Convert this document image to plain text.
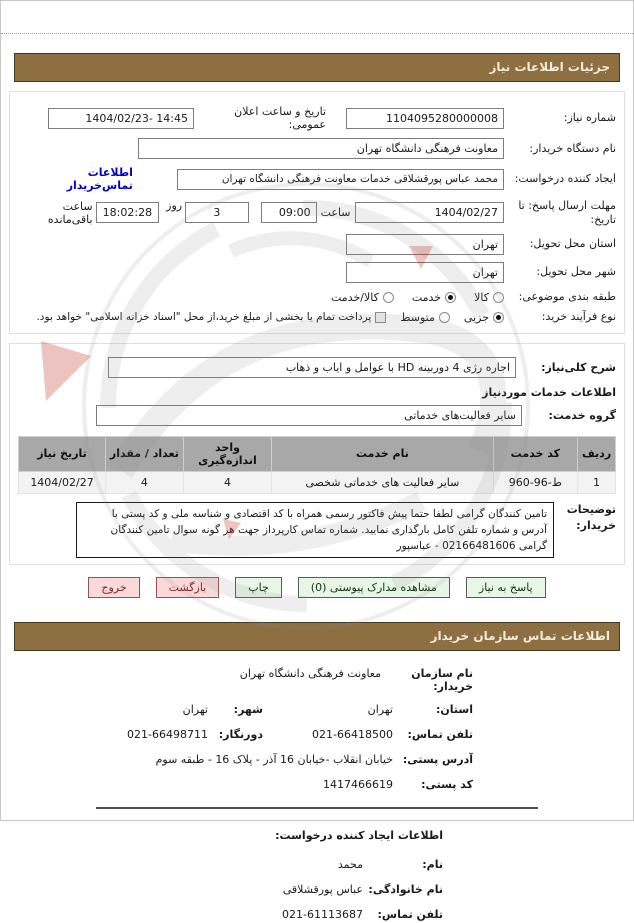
جزئیات اطلاعات نیاز
شماره نیاز:
1104095280000008
تاریخ و ساعت اعلان عمومی:
1404/02/23- 14:45
نام دستگاه خریدار:
معاونت فرهنگی دانشگاه تهران
ایجاد کننده درخواست:
محمد عباس پورقشلاقی خدمات معاونت فرهنگی دانشگاه تهران
اطلاعات تماس‌خریدار
مهلت ارسال پاسخ: تا تاریخ:
1404/02/27
ساعت
09:00
3
روز
18:02:28
ساعت باقی‌مانده
استان محل تحویل:
تهران
شهر محل تحویل:
تهران
طبقه بندی موضوعی:
کالا
خدمت
کالا/خدمت
نوع فرآیند خرید:
جزیی
متوسط
پرداخت تمام یا بخشی از مبلغ خرید،از محل "اسناد خزانه اسلامی" خواهد بود.
شرح کلی‌نیاز:
اجاره رژی 4 دوربینه HD با عوامل و ایاب و ذهاب
اطلاعات خدمات موردنیاز
گروه خدمت:
سایر فعالیت‌های خدماتی
ردیف	کد خدمت	نام خدمت	واحد اندازه‌گیری	تعداد / مقدار	تاریخ نیاز
1	ط-96-960	سایر فعالیت های خدماتی شخصی	4	4	1404/02/27
توضیحات خریدار:
تامین کنندگان گرامی لطفا حتما پیش فاکتور رسمی همراه با کد اقتصادی و شناسه ملی و کد پستی با آدرس و شماره تلفن کامل بارگذاری نمایید. شماره تماس کارپرداز جهت هر گونه سوال تامین کنندگان گرامی 02166481606 - عباسپور
پاسخ به نیاز
مشاهده مدارک پیوستی (0)
چاپ
بازگشت
خروج
اطلاعات تماس سازمان خریدار
نام سازمان خریدار:
معاونت فرهنگی دانشگاه تهران
استان:
تهران
شهر:
تهران
تلفن تماس:
021-66418500
دورنگار:
021-66498711
آدرس پستی:
خیابان انقلاب -خیابان 16 آذر - پلاک 16 - طبقه سوم
کد پستی:
1417466619
اطلاعات ایجاد کننده درخواست:
نام:
محمد
نام خانوادگی:
عباس پورقشلاقی
تلفن تماس:
021-61113687
